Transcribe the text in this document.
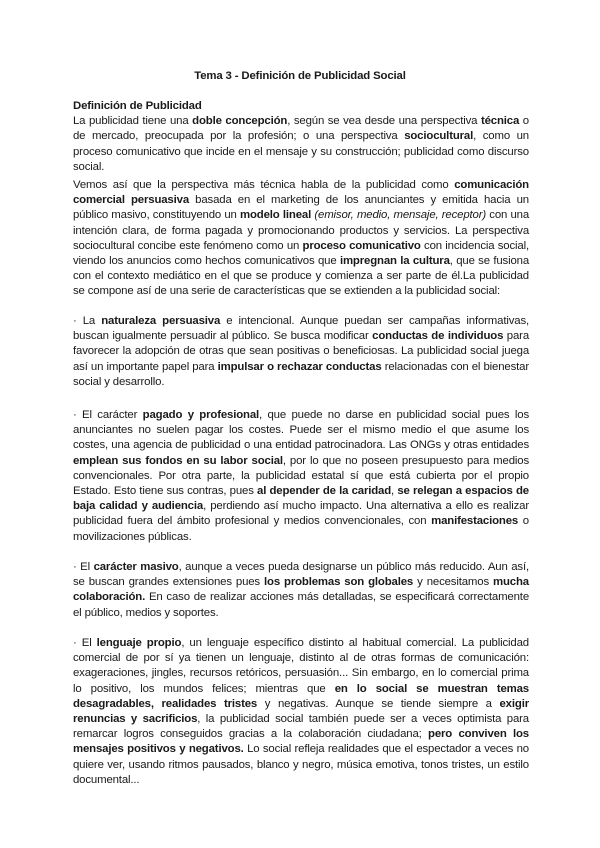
Tema 3 - Definición de Publicidad Social
Definición de Publicidad
La publicidad tiene una doble concepción, según se vea desde una perspectiva técnica o de mercado, preocupada por la profesión; o una perspectiva sociocultural, como un proceso comunicativo que incide en el mensaje y su construcción; publicidad como discurso social.
Vemos así que la perspectiva más técnica habla de la publicidad como comunicación comercial persuasiva basada en el marketing de los anunciantes y emitida hacia un público masivo, constituyendo un modelo lineal (emisor, medio, mensaje, receptor) con una intención clara, de forma pagada y promocionando productos y servicios. La perspectiva sociocultural concibe este fenómeno como un proceso comunicativo con incidencia social, viendo los anuncios como hechos comunicativos que impregnan la cultura, que se fusiona con el contexto mediático en el que se produce y comienza a ser parte de él.La publicidad se compone así de una serie de características que se extienden a la publicidad social:
· La naturaleza persuasiva e intencional. Aunque puedan ser campañas informativas, buscan igualmente persuadir al público. Se busca modificar conductas de individuos para favorecer la adopción de otras que sean positivas o beneficiosas. La publicidad social juega así un importante papel para impulsar o rechazar conductas relacionadas con el bienestar social y desarrollo.
· El carácter pagado y profesional, que puede no darse en publicidad social pues los anunciantes no suelen pagar los costes. Puede ser el mismo medio el que asume los costes, una agencia de publicidad o una entidad patrocinadora. Las ONGs y otras entidades emplean sus fondos en su labor social, por lo que no poseen presupuesto para medios convencionales. Por otra parte, la publicidad estatal sí que está cubierta por el propio Estado. Esto tiene sus contras, pues al depender de la caridad, se relegan a espacios de baja calidad y audiencia, perdiendo así mucho impacto. Una alternativa a ello es realizar publicidad fuera del ámbito profesional y medios convencionales, con manifestaciones o movilizaciones públicas.
· El carácter masivo, aunque a veces pueda designarse un público más reducido. Aun así, se buscan grandes extensiones pues los problemas son globales y necesitamos mucha colaboración. En caso de realizar acciones más detalladas, se especificará correctamente el público, medios y soportes.
· El lenguaje propio, un lenguaje específico distinto al habitual comercial. La publicidad comercial de por sí ya tienen un lenguaje, distinto al de otras formas de comunicación: exageraciones, jingles, recursos retóricos, persuasión... Sin embargo, en lo comercial prima lo positivo, los mundos felices; mientras que en lo social se muestran temas desagradables, realidades tristes y negativas. Aunque se tiende siempre a exigir renuncias y sacrificios, la publicidad social también puede ser a veces optimista para remarcar logros conseguidos gracias a la colaboración ciudadana; pero conviven los mensajes positivos y negativos. Lo social refleja realidades que el espectador a veces no quiere ver, usando ritmos pausados, blanco y negro, música emotiva, tonos tristes, un estilo documental...
